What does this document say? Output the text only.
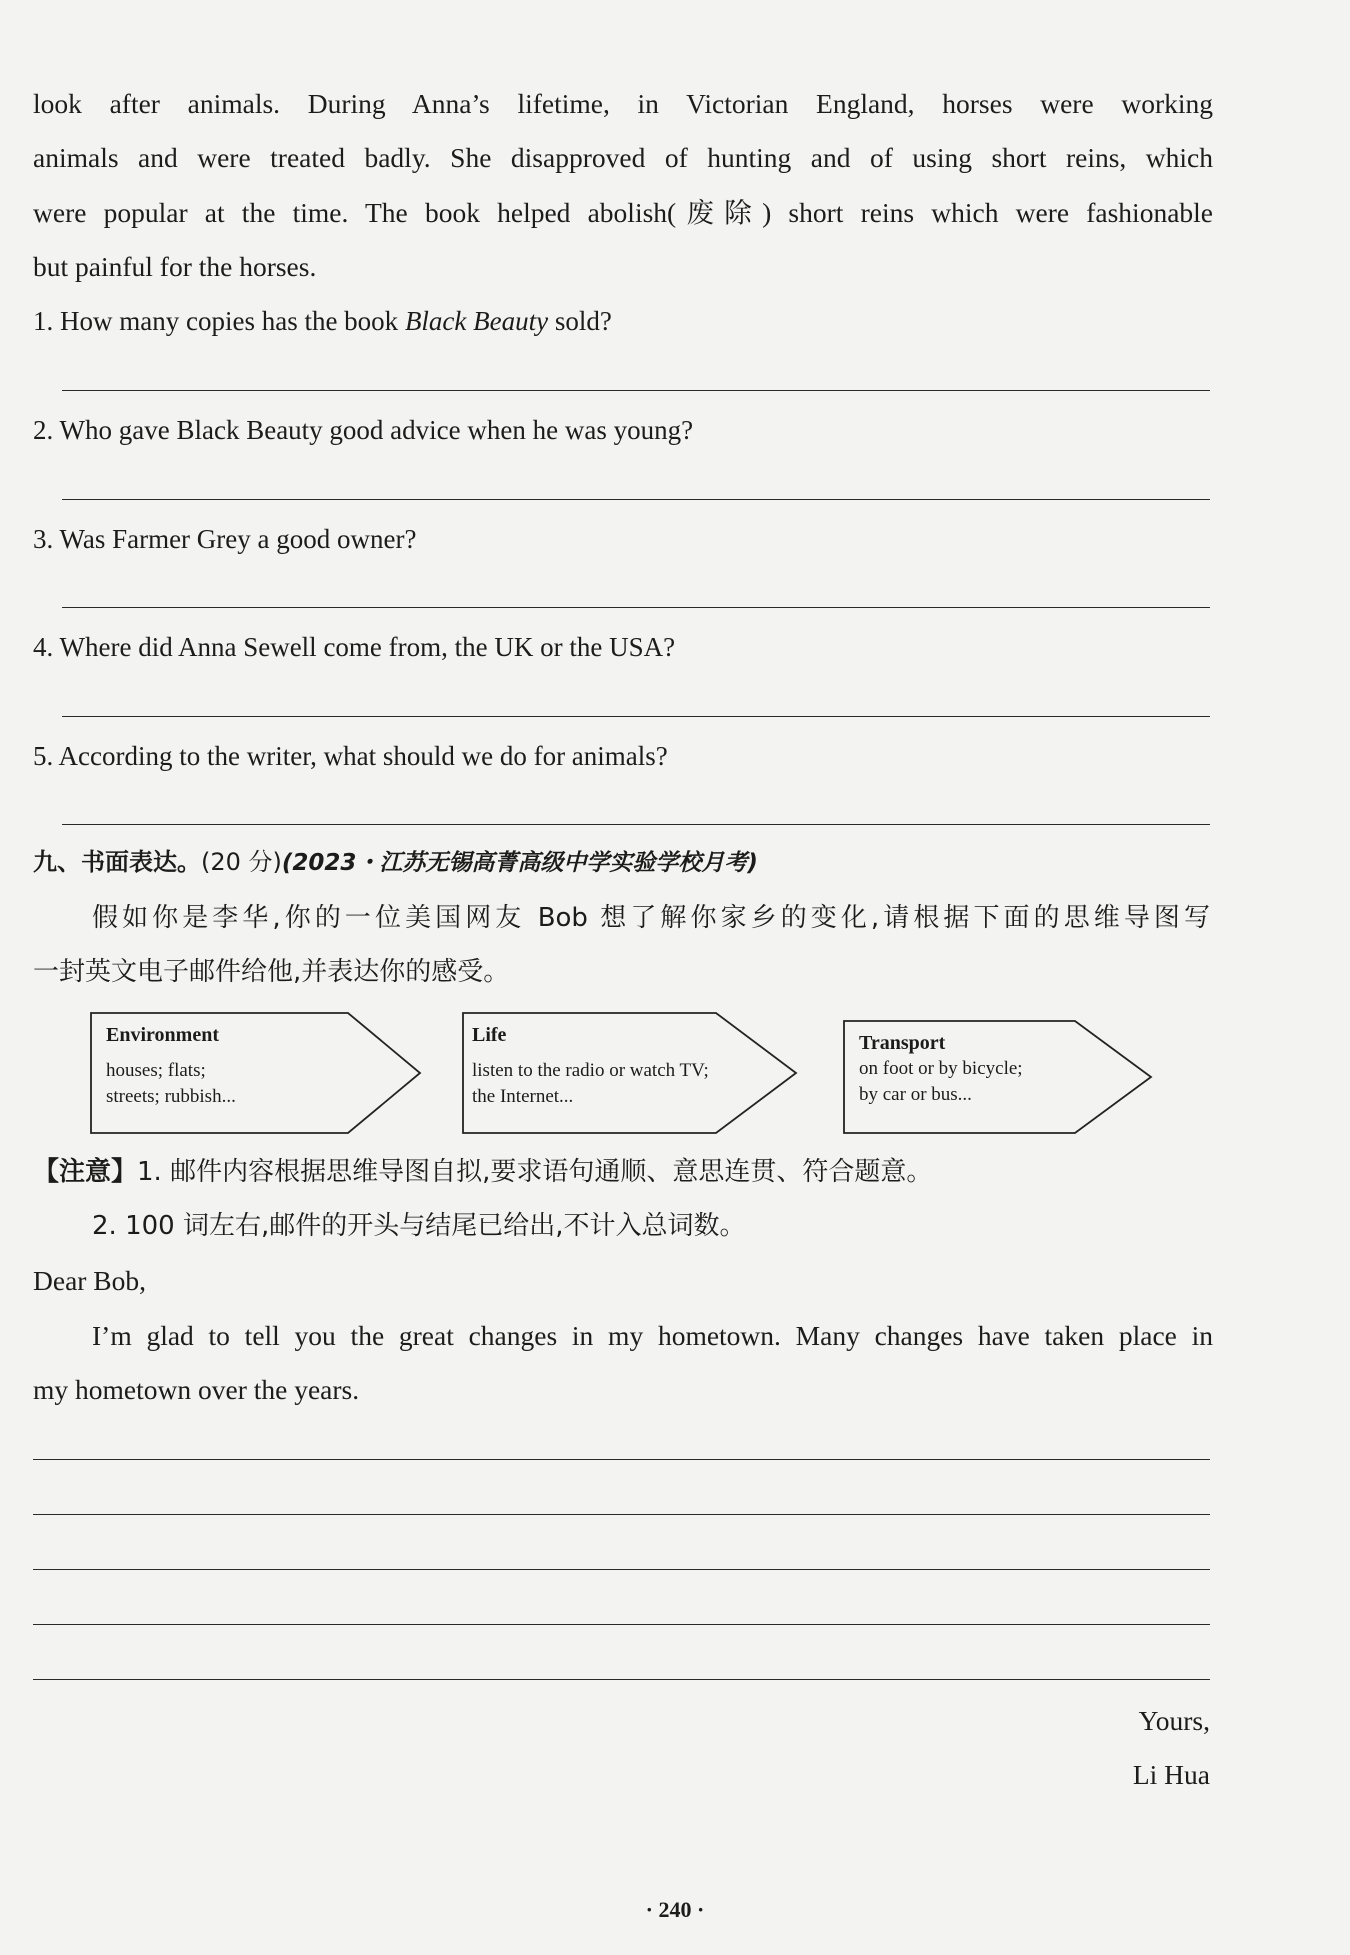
look after animals. During Anna’s lifetime, in Victorian England, horses were working
animals and were treated badly. She disapproved of hunting and of using short reins, which
were popular at the time. The book helped abolish(废除) short reins which were fashionable
but painful for the horses.
1. How many copies has the book Black Beauty sold?
2. Who gave Black Beauty good advice when he was young?
3. Was Farmer Grey a good owner?
4. Where did Anna Sewell come from, the UK or the USA?
5. According to the writer, what should we do for animals?
九、书面表达。(20 分)(2023・江苏无锡高菁高级中学实验学校月考)
假如你是李华,你的一位美国网友 Bob 想了解你家乡的变化,请根据下面的思维导图写
一封英文电子邮件给他,并表达你的感受。
Environment
houses; flats;
streets; rubbish...
Life
listen to the radio or watch TV;
the Internet...
Transport
on foot or by bicycle;
by car or bus...
【注意】1. 邮件内容根据思维导图自拟,要求语句通顺、意思连贯、符合题意。
2. 100 词左右,邮件的开头与结尾已给出,不计入总词数。
Dear Bob,
I’m glad to tell you the great changes in my hometown. Many changes have taken place in
my hometown over the years.
Yours,
Li Hua
· 240 ·
